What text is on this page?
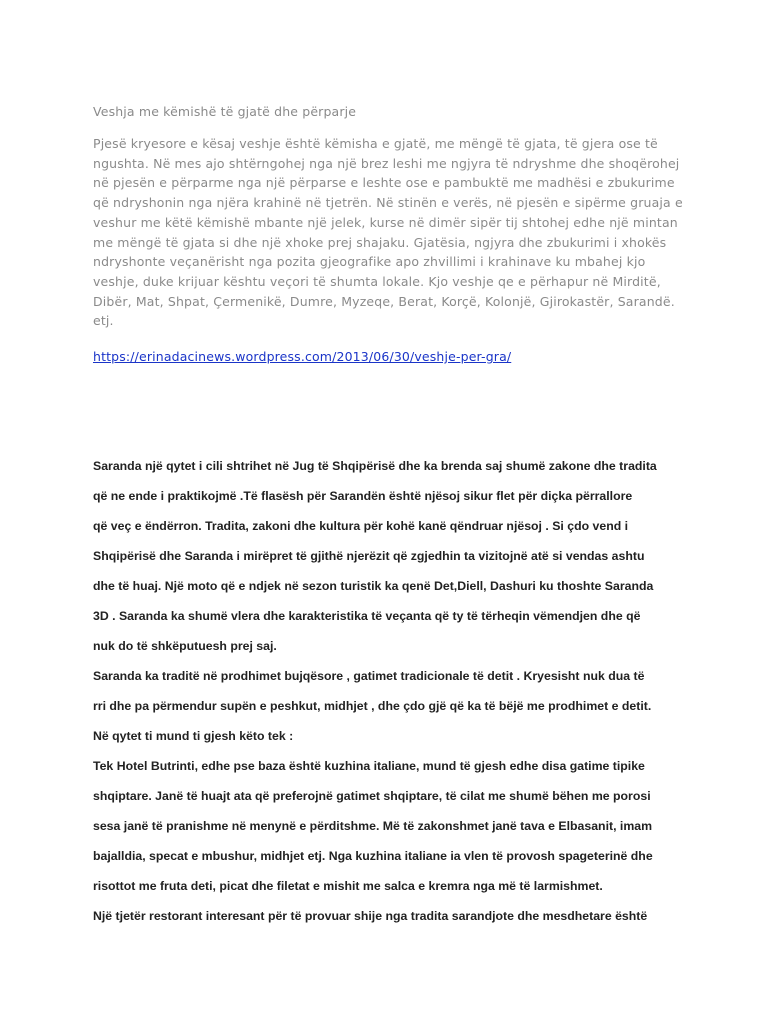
Veshja me këmishë të gjatë dhe përparje

Pjesë kryesore e kësaj veshje është këmisha e gjatë, me mëngë të gjata, të gjera ose të ngushta. Në mes ajo shtërngohej nga një brez leshi me ngjyra të ndryshme dhe shoqërohej në pjesën e përparme nga një përparse e leshte ose e pambuktë me madhësi e zbukurime që ndryshonin nga njëra krahinë në tjetrën. Në stinën e verës, në pjesën e sipërme gruaja e veshur me këtë këmishë mbante një jelek, kurse në dimër sipër tij shtohej edhe një mintan me mëngë të gjata si dhe një xhoke prej shajaku. Gjatësia, ngjyra dhe zbukurimi i xhokës ndryshonte veçanërisht nga pozita gjeografike apo zhvillimi i krahinave ku mbahej kjo veshje, duke krijuar kështu veçori të shumta lokale. Kjo veshje qe e përhapur në Mirditë, Dibër, Mat, Shpat, Çermenikë, Dumre, Myzeqe, Berat, Korçë, Kolonjë, Gjirokastër, Sarandë. etj.

https://erinadacinews.wordpress.com/2013/06/30/veshje-per-gra/
Saranda një qytet i cili shtrihet në Jug të Shqipërisë dhe ka brenda saj shumë zakone dhe tradita
që ne ende i praktikojmë .Të flasësh për Sarandën është njësoj sikur flet për diçka përrallore
që veç e ëndërron. Tradita, zakoni dhe kultura për kohë kanë qëndruar njësoj . Si çdo vend i
Shqipërisë dhe Saranda i mirëpret të gjithë njerëzit që zgjedhin ta vizitojnë atë si vendas ashtu
dhe të huaj. Një moto që e ndjek në sezon turistik ka qenë Det,Diell, Dashuri ku thoshte Saranda
3D . Saranda ka shumë vlera dhe karakteristika të veçanta që ty të tërheqin vëmendjen dhe që
nuk do të shkëputuesh prej saj.
Saranda ka traditë në prodhimet bujqësore , gatimet tradicionale të detit . Kryesisht nuk dua të
rri dhe pa përmendur supën e peshkut, midhjet , dhe çdo gjë që ka të bëjë me prodhimet e detit.
Në qytet ti mund ti gjesh këto tek :
Tek Hotel Butrinti, edhe pse baza është kuzhina italiane, mund të gjesh edhe disa gatime tipike
shqiptare. Janë të huajt ata që preferojnë gatimet shqiptare, të cilat me shumë bëhen me porosi
sesa janë të pranishme në menynë e përditshme. Më të zakonshmet janë tava e Elbasanit, imam
bajalldia, specat e mbushur, midhjet etj. Nga kuzhina italiane ia vlen të provosh spageterinë dhe
risottot me fruta deti, picat dhe filetat e mishit me salca e kremra nga më të larmishmet.
Një tjetër restorant interesant për të provuar shije nga tradita sarandjote dhe mesdhetare është
